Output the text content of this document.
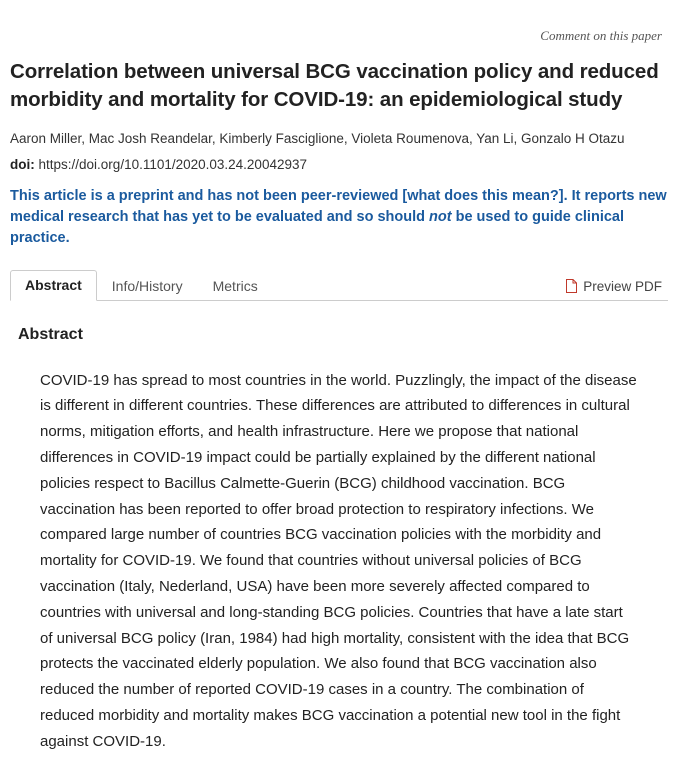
Comment on this paper
Correlation between universal BCG vaccination policy and reduced morbidity and mortality for COVID-19: an epidemiological study
Aaron Miller, Mac Josh Reandelar, Kimberly Fasciglione, Violeta Roumenova, Yan Li, Gonzalo H Otazu
doi: https://doi.org/10.1101/2020.03.24.20042937
This article is a preprint and has not been peer-reviewed [what does this mean?]. It reports new medical research that has yet to be evaluated and so should not be used to guide clinical practice.
Abstract	Info/History	Metrics	Preview PDF
Abstract
COVID-19 has spread to most countries in the world. Puzzlingly, the impact of the disease is different in different countries. These differences are attributed to differences in cultural norms, mitigation efforts, and health infrastructure. Here we propose that national differences in COVID-19 impact could be partially explained by the different national policies respect to Bacillus Calmette-Guerin (BCG) childhood vaccination. BCG vaccination has been reported to offer broad protection to respiratory infections. We compared large number of countries BCG vaccination policies with the morbidity and mortality for COVID-19. We found that countries without universal policies of BCG vaccination (Italy, Nederland, USA) have been more severely affected compared to countries with universal and long-standing BCG policies. Countries that have a late start of universal BCG policy (Iran, 1984) had high mortality, consistent with the idea that BCG protects the vaccinated elderly population. We also found that BCG vaccination also reduced the number of reported COVID-19 cases in a country. The combination of reduced morbidity and mortality makes BCG vaccination a potential new tool in the fight against COVID-19.
